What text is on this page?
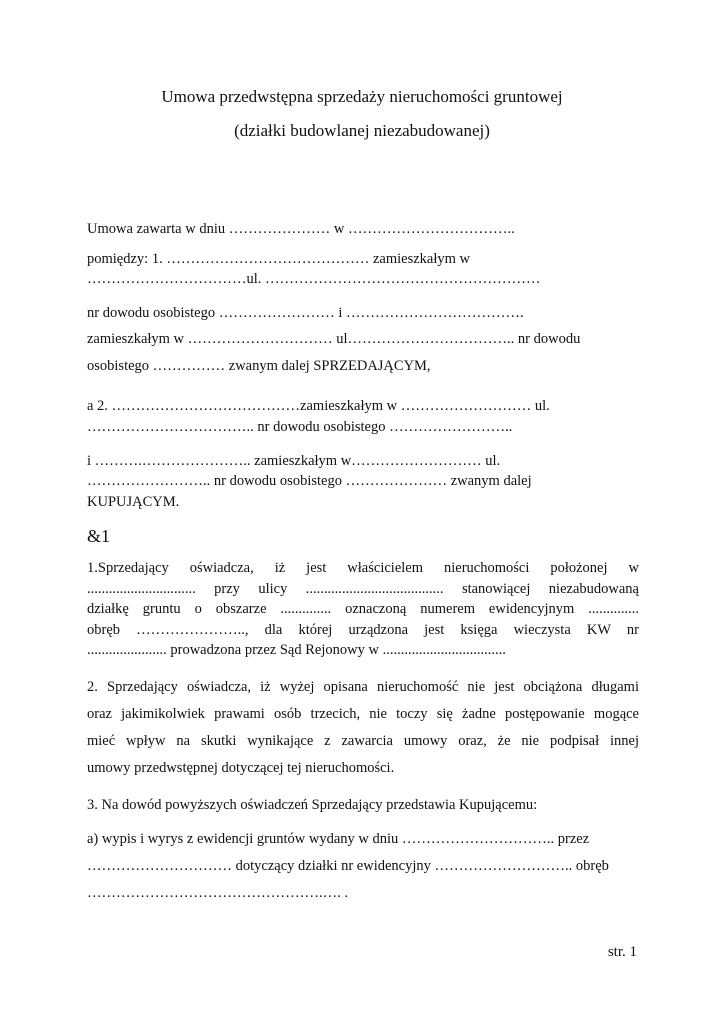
Umowa przedwstępna sprzedaży nieruchomości gruntowej
(działki budowlanej niezabudowanej)
Umowa zawarta w dniu ………………… w ……………………………..
pomiędzy: 1. …………………………………… zamieszkałym w
……………………………ul. …………………………………………………
nr dowodu osobistego …………………… i ……………………………….
zamieszkałym w ………………………… ul…………………………….. nr dowodu
osobistego …………… zwanym dalej SPRZEDAJĄCYM,
a 2. …………………………………zamieszkałym w ……………………… ul.
…………………………….. nr dowodu osobistego ……………………..
i ……….………………….. zamieszkałym w……………………… ul.
…………………….. nr dowodu osobistego ………………… zwanym dalej
KUPUJĄCYM.
&1
1.Sprzedający oświadcza, iż jest właścicielem nieruchomości położonej w
.............................. przy ulicy ...................................... stanowiącej niezabudowaną
działkę gruntu o obszarze .............. oznaczoną numerem ewidencyjnym ..............
obręb ………………….., dla której urządzona jest księga wieczysta KW nr
...................... prowadzona przez Sąd Rejonowy w ..................................
2. Sprzedający oświadcza, iż wyżej opisana nieruchomość nie jest obciążona długami
oraz jakimikolwiek prawami osób trzecich, nie toczy się żadne postępowanie mogące
mieć wpływ na skutki wynikające z zawarcia umowy oraz, że nie podpisał innej
umowy przedwstępnej dotyczącej tej nieruchomości.
3. Na dowód powyższych oświadczeń Sprzedający przedstawia Kupującemu:
a) wypis i wyrys z ewidencji gruntów wydany w dniu ………………………….. przez
………………………… dotyczący działki nr ewidencyjny ……………………….. obręb
………………………………………….…. .
str. 1
